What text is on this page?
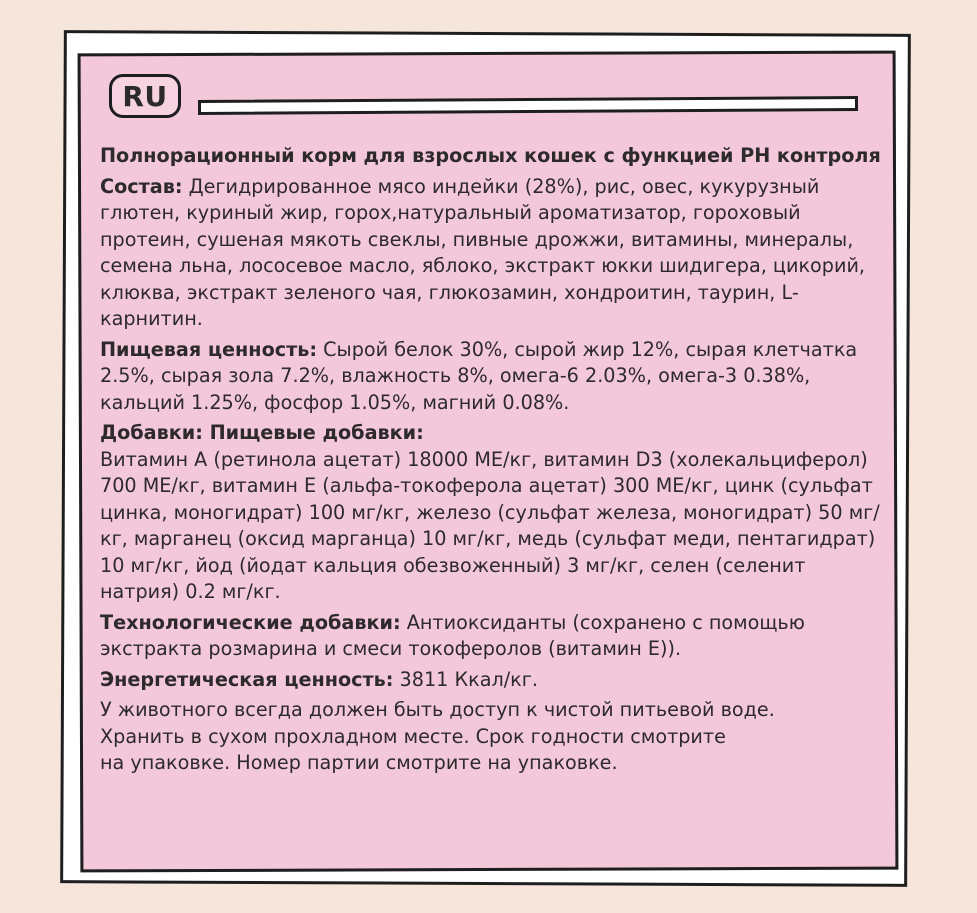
RU

Полнорационный корм для взрослых кошек с функцией PH контроля

Состав: Дегидрированное мясо индейки (28%), рис, овес, кукурузный глютен, куриный жир, горох,натуральный ароматизатор, гороховый протеин, сушеная мякоть свеклы, пивные дрожжи, витамины, минералы, семена льна, лососевое масло, яблоко, экстракт юкки шидигера, цикорий, клюква, экстракт зеленого чая, глюкозамин, хондроитин, таурин, L-карнитин.

Пищевая ценность: Сырой белок 30%, сырой жир 12%, сырая клетчатка 2.5%, сырая зола 7.2%, влажность 8%, омега-6 2.03%, омега-3 0.38%, кальций 1.25%, фосфор 1.05%, магний 0.08%.

Добавки: Пищевые добавки:
Витамин А (ретинола ацетат) 18000 МЕ/кг, витамин D3 (холекальциферол) 700 МЕ/кг, витамин Е (альфа-токоферола ацетат) 300 МЕ/кг, цинк (сульфат цинка, моногидрат) 100 мг/кг, железо (сульфат железа, моногидрат) 50 мг/кг, марганец (оксид марганца) 10 мг/кг, медь (сульфат меди, пентагидрат) 10 мг/кг, йод (йодат кальция обезвоженный) 3 мг/кг, селен (селенит натрия) 0.2 мг/кг.

Технологические добавки: Антиоксиданты (сохранено с помощью экстракта розмарина и смеси токоферолов (витамин Е)).

Энергетическая ценность: 3811 Ккал/кг.

У животного всегда должен быть доступ к чистой питьевой воде.
Хранить в сухом прохладном месте. Срок годности смотрите
на упаковке. Номер партии смотрите на упаковке.
